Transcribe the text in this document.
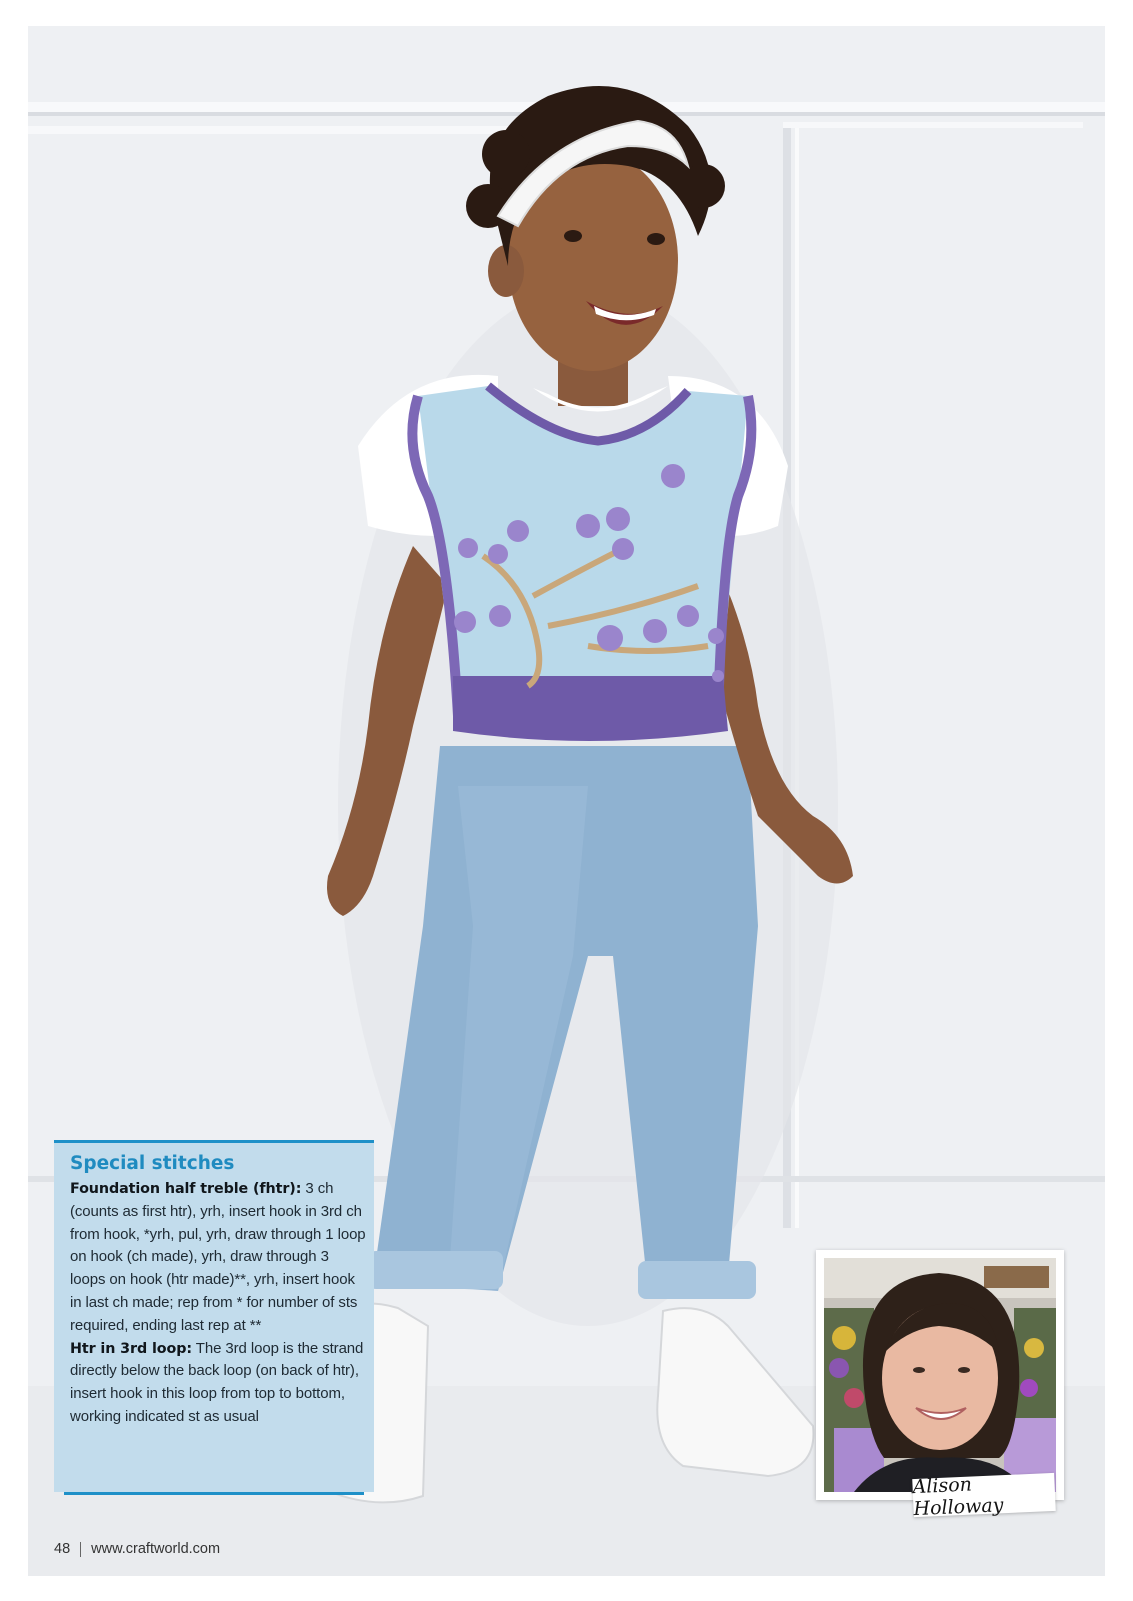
Special stitches
Foundation half treble (fhtr): 3 ch (counts as first htr), yrh, insert hook in 3rd ch from hook, *yrh, pul, yrh, draw through 1 loop on hook (ch made), yrh, draw through 3 loops on hook (htr made)**, yrh, insert hook in last ch made; rep from * for number of sts required, ending last rep at **
Htr in 3rd loop: The 3rd loop is the strand directly below the back loop (on back of htr), insert hook in this loop from top to bottom, working indicated st as usual
Alison Holloway
48 www.craftworld.com
